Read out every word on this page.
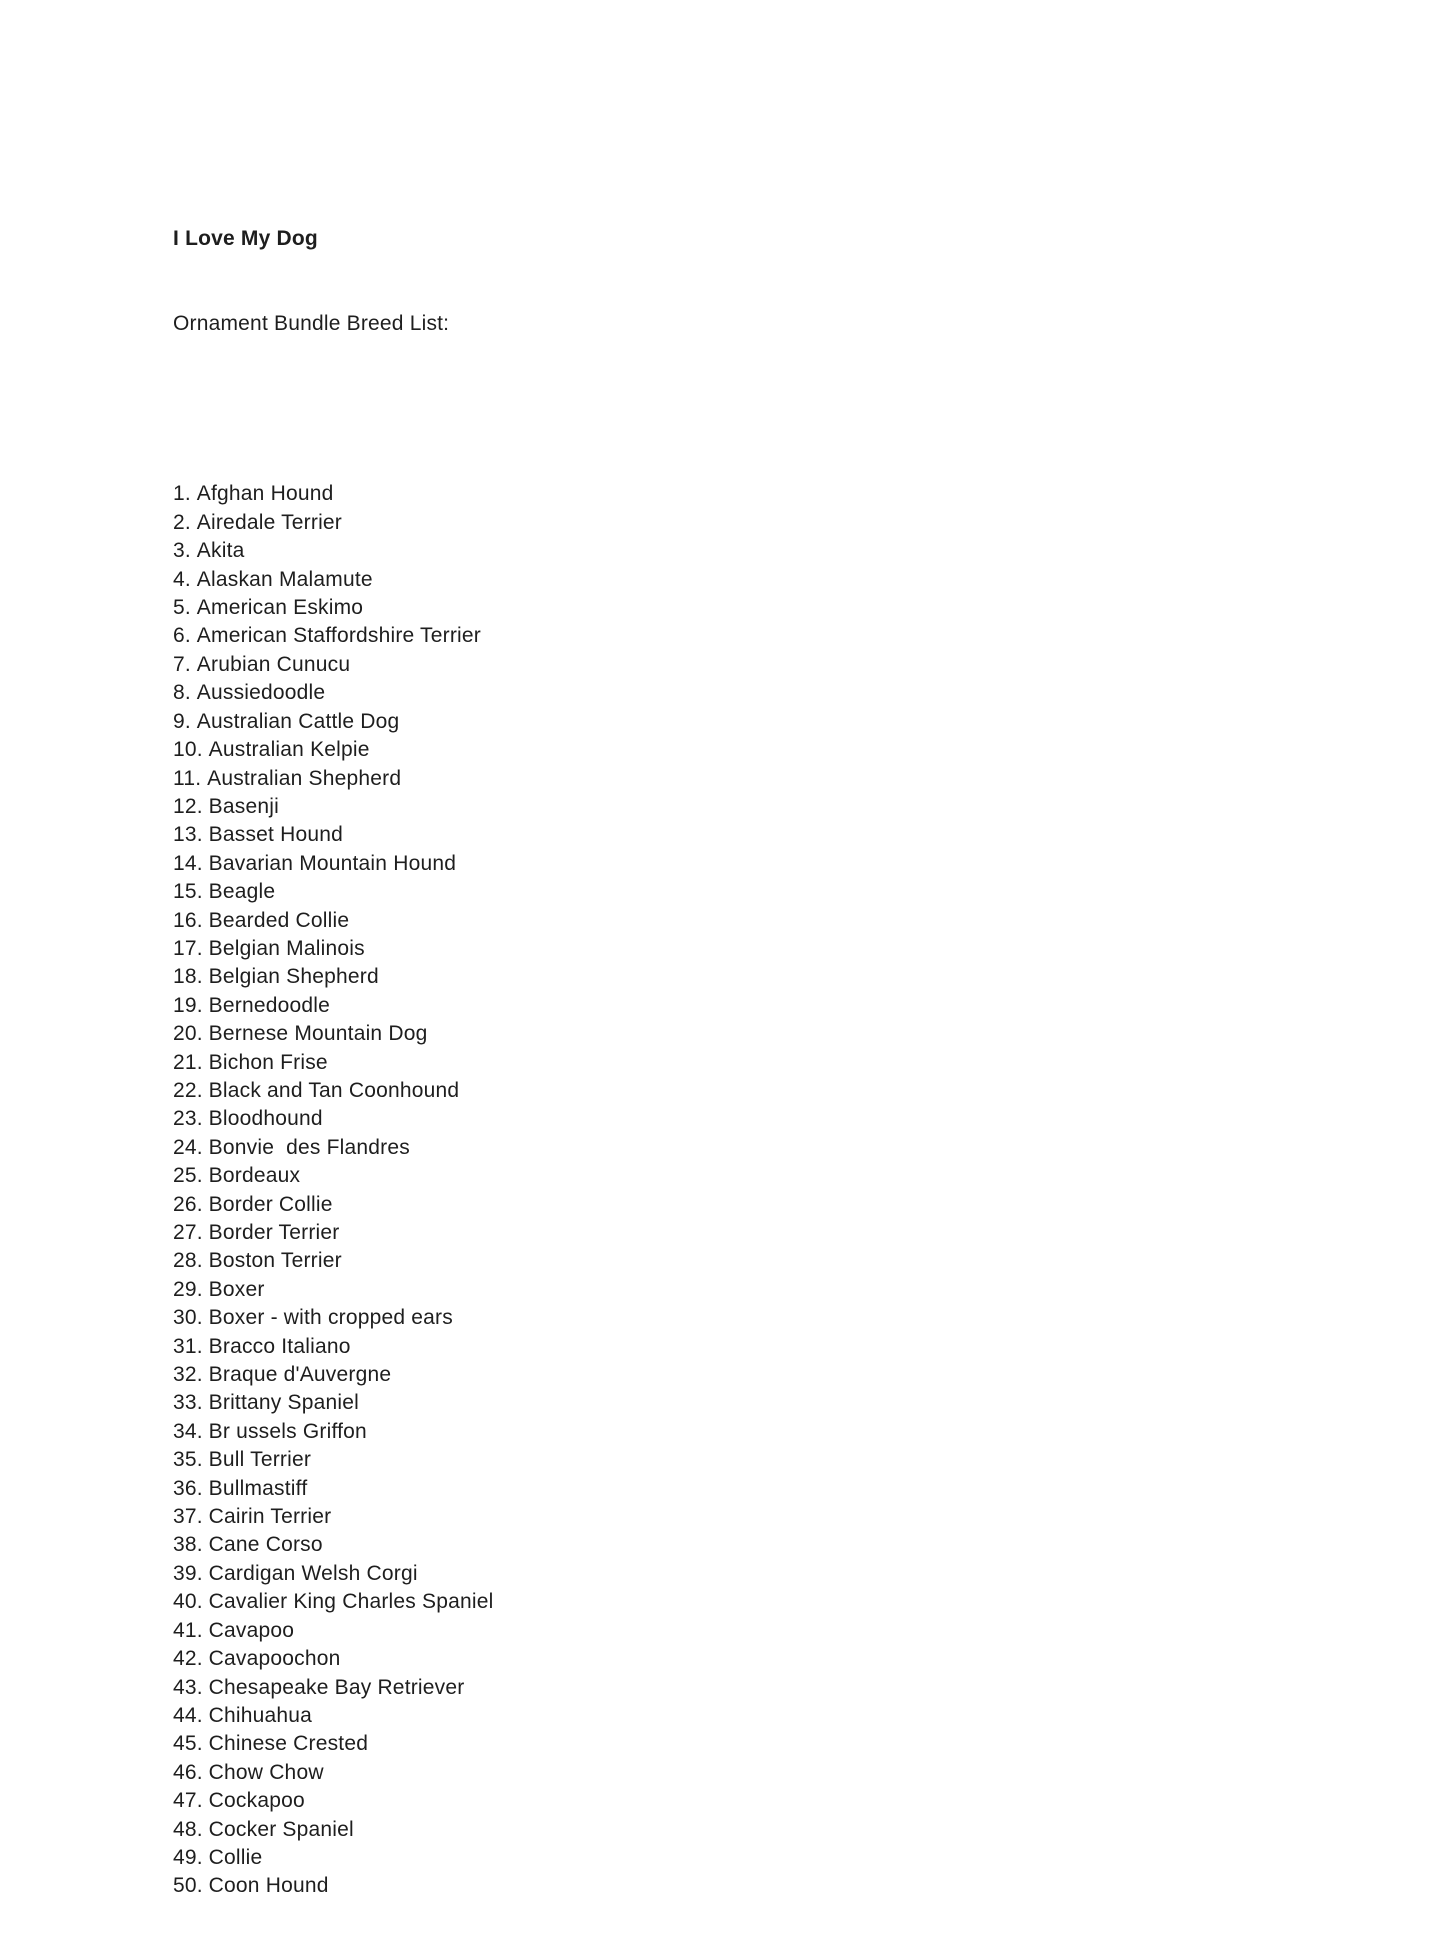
I Love My Dog

Ornament Bundle Breed List:

1. Afghan Hound
2. Airedale Terrier
3. Akita
4. Alaskan Malamute
5. American Eskimo
6. American Staffordshire Terrier
7. Arubian Cunucu
8. Aussiedoodle
9. Australian Cattle Dog
10. Australian Kelpie
11. Australian Shepherd
12. Basenji
13. Basset Hound
14. Bavarian Mountain Hound
15. Beagle
16. Bearded Collie
17. Belgian Malinois
18. Belgian Shepherd
19. Bernedoodle
20. Bernese Mountain Dog
21. Bichon Frise
22. Black and Tan Coonhound
23. Bloodhound
24. Bonvie  des Flandres
25. Bordeaux
26. Border Collie
27. Border Terrier
28. Boston Terrier
29. Boxer
30. Boxer - with cropped ears
31. Bracco Italiano
32. Braque d'Auvergne
33. Brittany Spaniel
34. Br ussels Griffon
35. Bull Terrier
36. Bullmastiff
37. Cairin Terrier
38. Cane Corso
39. Cardigan Welsh Corgi
40. Cavalier King Charles Spaniel
41. Cavapoo
42. Cavapoochon
43. Chesapeake Bay Retriever
44. Chihuahua
45. Chinese Crested
46. Chow Chow
47. Cockapoo
48. Cocker Spaniel
49. Collie
50. Coon Hound
